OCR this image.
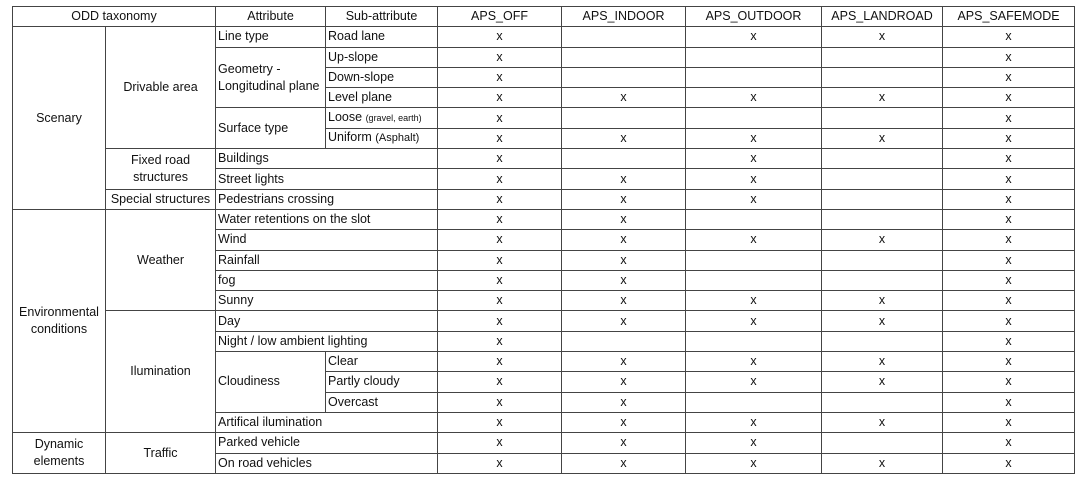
ODD taxonomy		Attribute	Sub-attribute	APS_OFF	APS_INDOOR	APS_OUTDOOR	APS_LANDROAD	APS_SAFEMODE
Scenary	Drivable area	Line type	Road lane	x		x	x	x
		Geometry - Longitudinal plane	Up-slope	x				x
			Down-slope	x				x
			Level plane	x	x	x	x	x
		Surface type	Loose (gravel, earth)	x				x
			Uniform (Asphalt)	x	x	x	x	x
	Fixed road structures	Buildings		x		x		x
		Street lights		x	x	x		x
	Special structures	Pedestrians crossing		x	x	x		x
Environmental conditions	Weather	Water retentions on the slot		x	x			x
		Wind		x	x	x	x	x
		Rainfall		x	x			x
		fog		x	x			x
		Sunny		x	x	x	x	x
	Ilumination	Day		x	x	x	x	x
		Night / low ambient lighting		x				x
		Cloudiness	Clear	x	x	x	x	x
			Partly cloudy	x	x	x	x	x
			Overcast	x	x			x
		Artifical ilumination		x	x	x	x	x
Dynamic elements	Traffic	Parked vehicle		x	x	x		x
		On road vehicles		x	x	x	x	x
